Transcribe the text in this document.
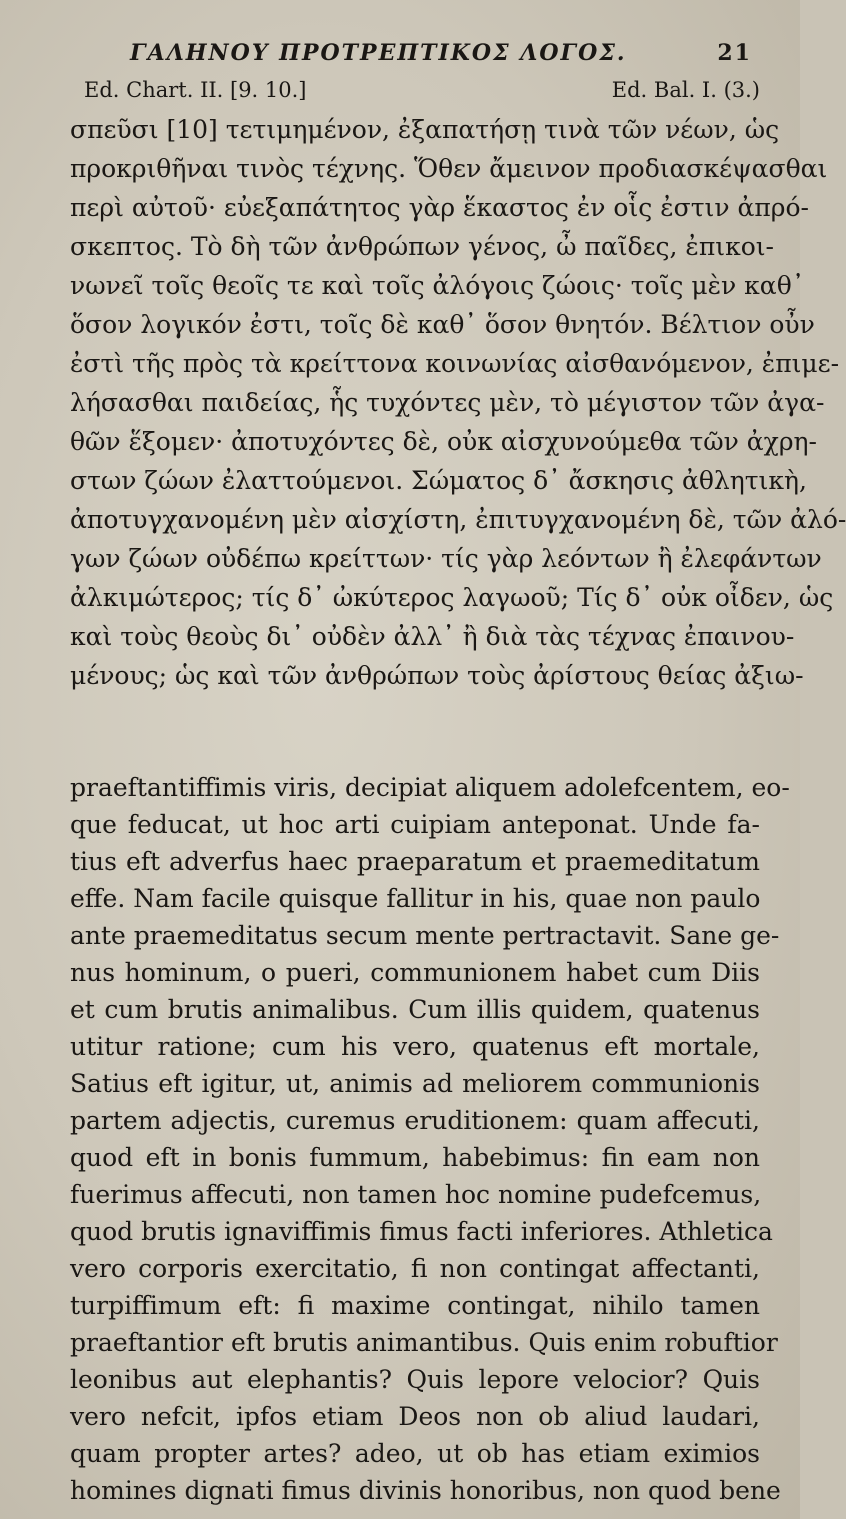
ΓΑΛΗΝΟΥ ΠΡΟΤΡΕΠΤΙΚΟΣ ΛΟΓΟΣ.	21
Ed. Chart. II. [9. 10.]	Ed. Bal. I. (3.)
σπεῦσι [10] τετιμημένον, ἐξαπατήσῃ τινὰ τῶν νέων, ὡς
προκριθῆναι τινὸς τέχνης. Ὅθεν ἄμεινον προδιασκέψασθαι
περὶ αὐτοῦ· εὐεξαπάτητος γὰρ ἕκαστος ἐν οἷς ἐστιν ἀπρό-
σκεπτος. Τὸ δὴ τῶν ἀνθρώπων γένος, ὦ παῖδες, ἐπικοι-
νωνεῖ τοῖς θεοῖς τε καὶ τοῖς ἀλόγοις ζώοις· τοῖς μὲν καθ᾿
ὅσον λογικόν ἐστι, τοῖς δὲ καθ᾿ ὅσον θνητόν. Βέλτιον οὖν
ἐστὶ τῆς πρὸς τὰ κρείττονα κοινωνίας αἰσθανόμενον, ἐπιμε-
λήσασθαι παιδείας, ἧς τυχόντες μὲν, τὸ μέγιστον τῶν ἀγα-
θῶν ἕξομεν· ἀποτυχόντες δὲ, οὐκ αἰσχυνούμεθα τῶν ἀχρη-
στων ζώων ἐλαττούμενοι. Σώματος δ᾿ ἄσκησις ἀθλητικὴ,
ἀποτυγχανομένη μὲν αἰσχίστη, ἐπιτυγχανομένη δὲ, τῶν ἀλό-
γων ζώων οὐδέπω κρείττων· τίς γὰρ λεόντων ἢ ἐλεφάντων
ἀλκιμώτερος; τίς δ᾿ ὠκύτερος λαγωοῦ; Τίς δ᾿ οὐκ οἶδεν, ὡς
καὶ τοὺς θεοὺς δι᾿ οὐδὲν ἀλλ᾿ ἢ διὰ τὰς τέχνας ἐπαινου-
μένους; ὡς καὶ τῶν ἀνθρώπων τοὺς ἀρίστους θείας ἀξιω-
praeftantiffimis viris, decipiat aliquem adolefcentem, eo-
que feducat, ut hoc arti cuipiam anteponat. Unde fa-
tius eft adverfus haec praeparatum et praemeditatum
effe. Nam facile quisque fallitur in his, quae non paulo
ante praemeditatus secum mente pertractavit. Sane ge-
nus hominum, o pueri, communionem habet cum Diis
et cum brutis animalibus. Cum illis quidem, quatenus
utitur ratione; cum his vero, quatenus eft mortale,
Satius eft igitur, ut, animis ad meliorem communionis
partem adjectis, curemus eruditionem: quam affecuti,
quod eft in bonis fummum, habebimus: fin eam non
fuerimus affecuti, non tamen hoc nomine pudefcemus,
quod brutis ignaviffimis fimus facti inferiores. Athletica
vero corporis exercitatio, fi non contingat affectanti,
turpiffimum eft: fi maxime contingat, nihilo tamen
praeftantior eft brutis animantibus. Quis enim robuftior
leonibus aut elephantis? Quis lepore velocior? Quis
vero nefcit, ipfos etiam Deos non ob aliud laudari,
quam propter artes? adeo, ut ob has etiam eximios
homines dignati fimus divinis honoribus, non quod bene
